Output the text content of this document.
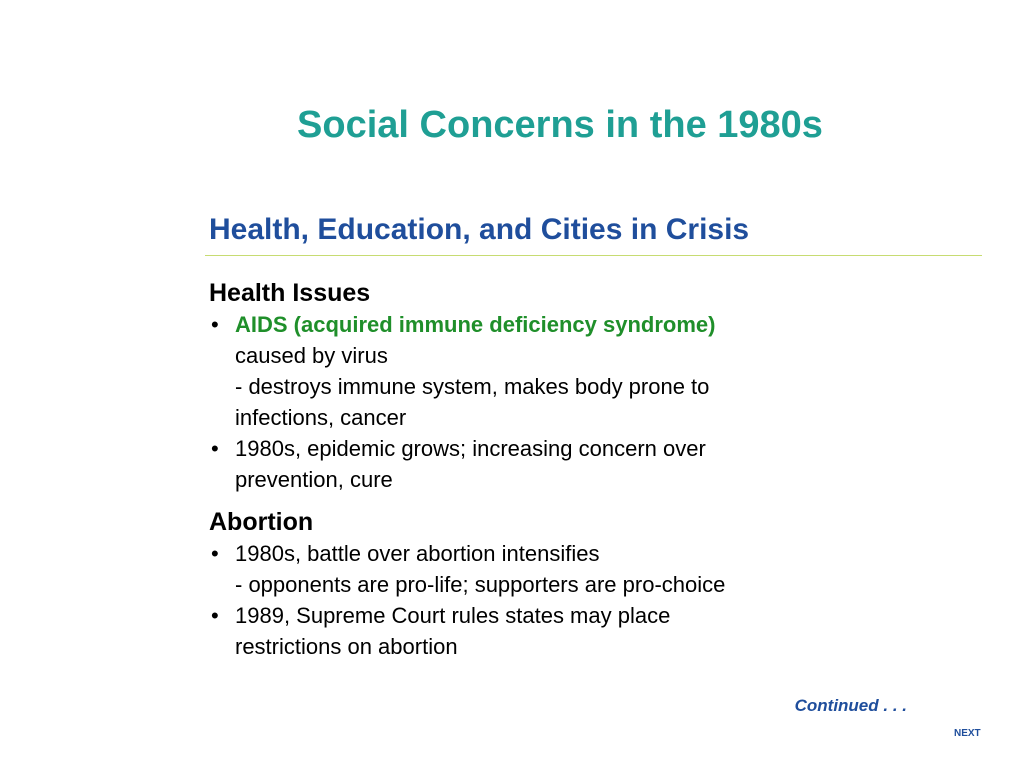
Social Concerns in the 1980s
Health, Education, and Cities in Crisis
Health Issues
• AIDS (acquired immune deficiency syndrome)
caused by virus
- destroys immune system, makes body prone to
infections, cancer
• 1980s, epidemic grows; increasing concern over
prevention, cure
Abortion
• 1980s, battle over abortion intensifies
- opponents are pro-life; supporters are pro-choice
• 1989, Supreme Court rules states may place
restrictions on abortion
Continued . . .
NEXT
